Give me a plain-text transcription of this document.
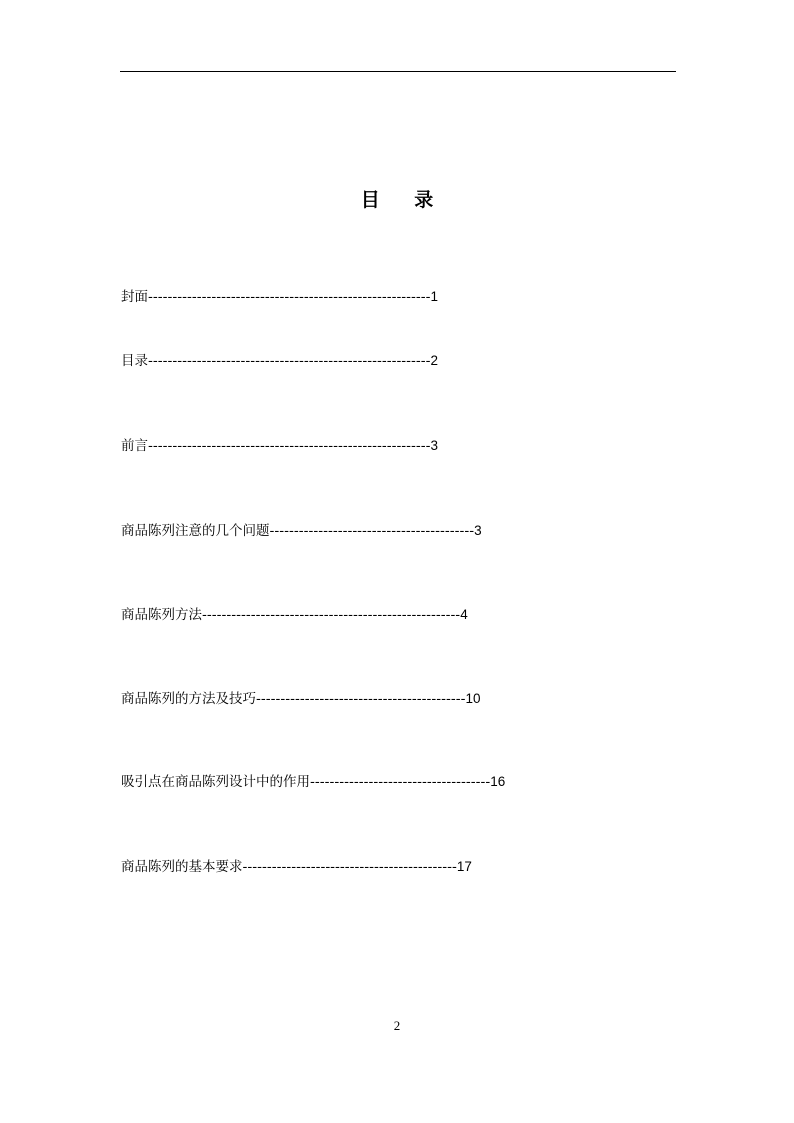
目 录
封面----------------------------------------------------------1
目录----------------------------------------------------------2
前言----------------------------------------------------------3
商品陈列注意的几个问题------------------------------------------3
商品陈列方法-----------------------------------------------------4
商品陈列的方法及技巧-------------------------------------------10
吸引点在商品陈列设计中的作用-------------------------------------16
商品陈列的基本要求--------------------------------------------17
2
